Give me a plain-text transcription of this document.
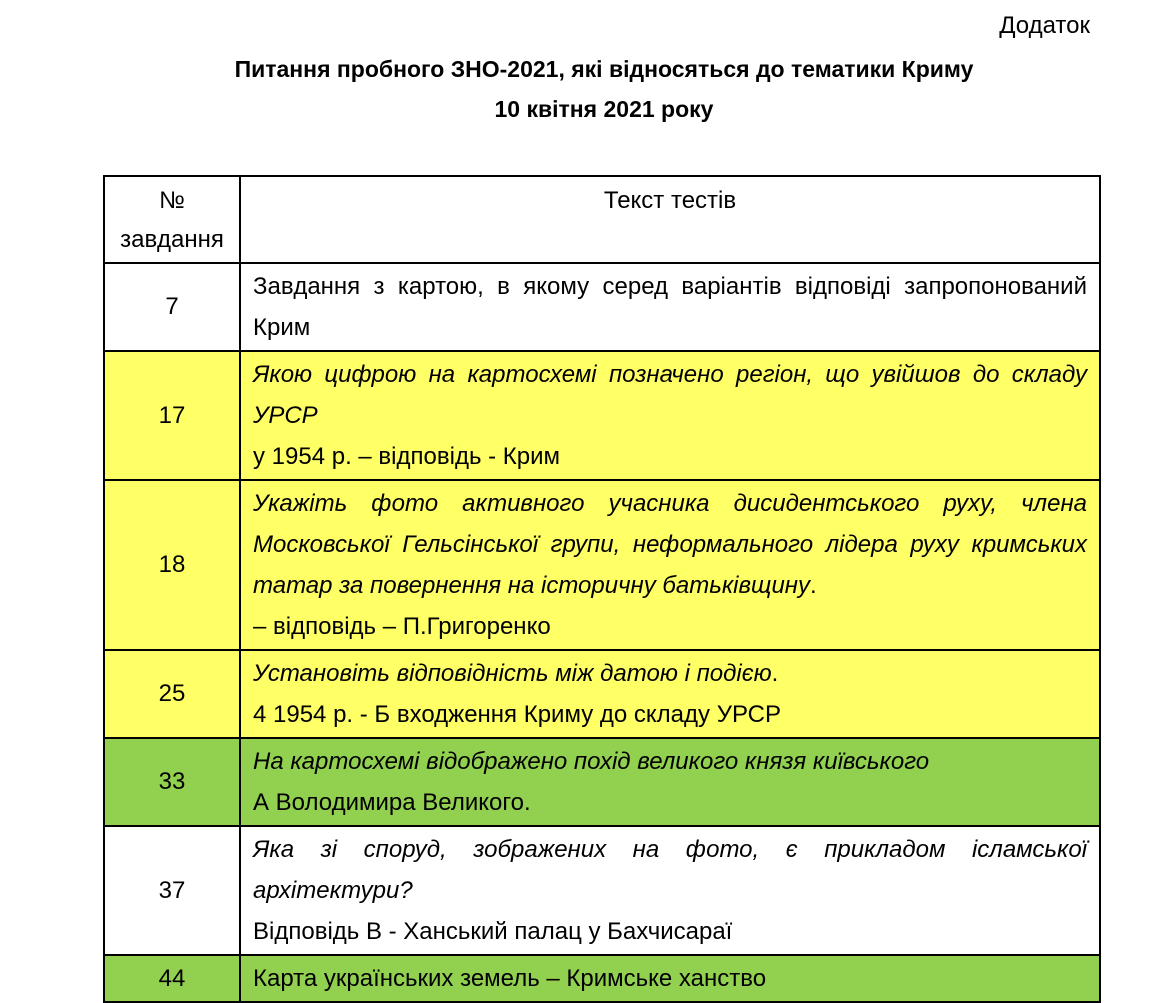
Додаток
Питання пробного ЗНО-2021, які відносяться до тематики Криму
10 квітня 2021 року
№
завдання	Текст тестів
7	Завдання з картою, в якому серед варіантів відповіді запропонований Крим
17	Якою цифрою на картосхемі позначено регіон, що увійшов до складу УРСР
у 1954 р. – відповідь - Крим

18	Укажіть фото активного учасника дисидентського руху, члена Московської Гельсінської групи, неформального лідера руху кримських татар за повернення на історичну батьківщину.
– відповідь – П.Григоренко

25	Установіть відповідність між датою і подією.
4 1954 р. - Б входження Криму до складу УРСР

33	На картосхемі відображено похід великого князя київського
А Володимира Великого.

37	Яка зі споруд, зображених на фото, є прикладом ісламської архітектури?
Відповідь В - Ханський палац у Бахчисараї

44	Карта українських земель – Кримське ханство
